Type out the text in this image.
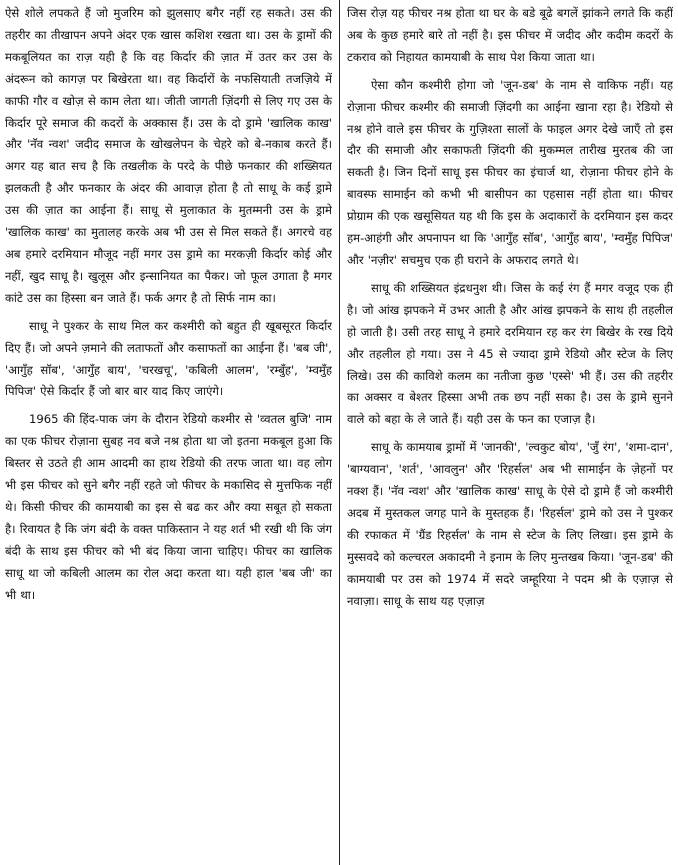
ऐसे शोले लपकते हैं जो मुजरिम को झुलसाए बगैर नहीं रह सकते। उस की तहरीर का तीखापन अपने अंदर एक खास कशिश रखता था। उस के ड्रामों की मकबूलियत का राज़ यही है कि वह किर्दार की ज़ात में उतर कर उस के अंदरून को कागज़ पर बिखेरता था। वह किर्दारों के नफसियाती तजज़िये में काफी गौर व खोज़ से काम लेता था। जीती जागती ज़िंदगी से लिए गए उस के किर्दार पूरे समाज की कदरों के अक्कास हैं। उस के दो ड्रामे 'खालिक काख' और 'नॅव न्वश' जदीद समाज के खोखलेपन के चेहरे को बे-नकाब करते हैं। अगर यह बात सच है कि तखलीक के परदे के पीछे फनकार की शख्सियत झलकती है और फनकार के अंदर की आवाज़ होता है तो साधू के कई ड्रामे उस की ज़ात का आईना हैं। साधू से मुलाकात के मुतम्मनी उस के ड्रामे 'खालिक काख' का मुतालह करके अब भी उस से मिल सकते हैं। अगरचे वह अब हमारे दरमियान मौजूद नहीं मगर उस ड्रामे का मरकज़ी किर्दार कोई और नहीं, खुद साधू है। खुलूस और इन्सानियत का पैकर। जो फूल उगाता है मगर कांटे उस का हिस्सा बन जाते हैं। फर्क अगर है तो सिर्फ नाम का।

साधू ने पुश्कर के साथ मिल कर कश्मीरी को बहुत ही खूबसूरत किर्दार दिए हैं। जो अपने ज़माने की लताफतों और कसाफतों का आईना हैं। 'बब जी', 'आगुँह सॉब', 'आगुँह बाय', 'चरखचू', 'कबिली आलम', 'रम्बुँह', 'म्वमुँह पिपिज' ऐसे किर्दार हैं जो बार बार याद किए जाएंगे।

1965 की हिंद-पाक जंग के दौरान रेडियो कश्मीर से 'व्वतल बुजि' नाम का एक फीचर रोज़ाना सुबह नव बजे नश्र होता था जो इतना मकबूल हुआ कि बिस्तर से उठते ही आम आदमी का हाथ रेडियो की तरफ जाता था। वह लोग भी इस फीचर को सुने बगैर नहीं रहते जो फीचर के मकासिद से मुत्तफिक नहीं थे। किसी फीचर की कामयाबी का इस से बढ कर और क्या सबूत हो सकता है। रिवायत है कि जंग बंदी के वक्त पाकिस्तान ने यह शर्त भी रखी थी कि जंग बंदी के साथ इस फीचर को भी बंद किया जाना चाहिए। फीचर का खालिक साधू था जो कबिली आलम का रोल अदा करता था। यही हाल 'बब जी' का भी था।

जिस रोज़ यह फीचर नश्र होता था घर के बडे बूढे बगलें झांकने लगते कि कहीं अब के कुछ हमारे बारे तो नहीं है। इस फीचर में जदीद और कदीम कदरों के टकराव को निहायत कामयाबी के साथ पेश किया जाता था।

ऐसा कौन कश्मीरी होगा जो 'जून-डब' के नाम से वाकिफ नहीं। यह रोज़ाना फीचर कश्मीर की समाजी ज़िंदगी का आईना खाना रहा है। रेडियो से नश्र होने वाले इस फीचर के गुज़िश्ता सालों के फाइल अगर देखे जाएँ तो इस दौर की समाजी और सकाफती ज़िंदगी की मुकम्मल तारीख मुरतब की जा सकती है। जिन दिनों साधू इस फीचर का इंचार्ज था, रोज़ाना फीचर होने के बावस्फ सामाईन को कभी भी बासीपन का एहसास नहीं होता था। फीचर प्रोग्राम की एक खसूसियत यह थी कि इस के अदाकारों के दरमियान इस कदर हम-आहंगी और अपनापन था कि 'आगुँह सॉब', 'आगुँह बाय', 'म्वमुँह पिपिज' और 'नज़ीर' सचमुच एक ही घराने के अफराद लगते थे।

साधू की शख्सियत इंद्रधनुश थी। जिस के कई रंग हैं मगर वजूद एक ही है। जो आंख झपकने में उभर आती है और आंख झपकने के साथ ही तहलील हो जाती है। उसी तरह साधू ने हमारे दरमियान रह कर रंग बिखेर के रख दिये और तहलील हो गया। उस ने 45 से ज्यादा ड्रामे रेडियो और स्टेज के लिए लिखे। उस की काविशे कलम का नतीजा कुछ 'एस्से' भी हैं। उस की तहरीर का अक्सर व बेश्तर हिस्सा अभी तक छप नहीं सका है। उस के ड्रामे सुनने वाले को बहा के ले जाते हैं। यही उस के फन का एजाज़ है।

साधू के कामयाब ड्रामों में 'जानकी', 'ल्वकुट बोय', 'जुँ रंग', 'शमा-दान', 'बाग्यवान', 'शर्त', 'आवलुन' और 'रिहर्सल' अब भी सामाईन के ज़ेहनों पर नक्श हैं। 'नॅव न्वश' और 'खालिक काख' साधू के ऐसे दो ड्रामे हैं जो कश्मीरी अदब में मुस्तकल जगह पाने के मुस्तहक हैं। 'रिहर्सल' ड्रामे को उस ने पुश्कर की रफाकत में 'ग्रैंड रिहर्सल' के नाम से स्टेज के लिए लिखा। इस ड्रामे के मुस्सवदे को कल्चरल अकादमी ने इनाम के लिए मुन्तखब किया। 'जून-डब' की कामयाबी पर उस को 1974 में सदरे जम्हूरिया ने पदम श्री के एज़ाज़ से नवाज़ा। साधू के साथ यह एज़ाज़
